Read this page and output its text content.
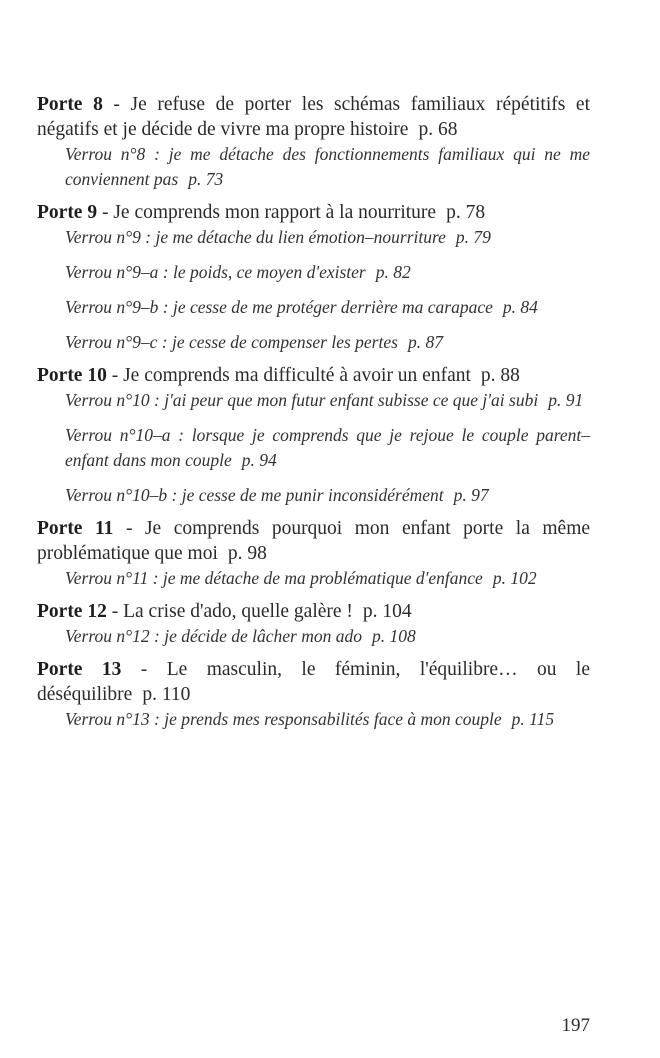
Porte 8 - Je refuse de porter les schémas familiaux répétitifs et négatifs et je décide de vivre ma propre histoire p. 68

Verrou n°8 : je me détache des fonctionnements familiaux qui ne me conviennent pas p. 73

Porte 9 - Je comprends mon rapport à la nourriture p. 78

Verrou n°9 : je me détache du lien émotion–nourriture p. 79

Verrou n°9–a : le poids, ce moyen d'exister p. 82

Verrou n°9–b : je cesse de me protéger derrière ma carapace p. 84

Verrou n°9–c : je cesse de compenser les pertes p. 87

Porte 10 - Je comprends ma difficulté à avoir un enfant p. 88

Verrou n°10 : j'ai peur que mon futur enfant subisse ce que j'ai subi p. 91

Verrou n°10–a : lorsque je comprends que je rejoue le couple parent–enfant dans mon couple p. 94

Verrou n°10–b : je cesse de me punir inconsidérément p. 97

Porte 11 - Je comprends pourquoi mon enfant porte la même problématique que moi p. 98

Verrou n°11 : je me détache de ma problématique d'enfance p. 102

Porte 12 - La crise d'ado, quelle galère ! p. 104

Verrou n°12 : je décide de lâcher mon ado p. 108

Porte 13 - Le masculin, le féminin, l'équilibre… ou le déséquilibre p. 110

Verrou n°13 : je prends mes responsabilités face à mon couple p. 115

197
